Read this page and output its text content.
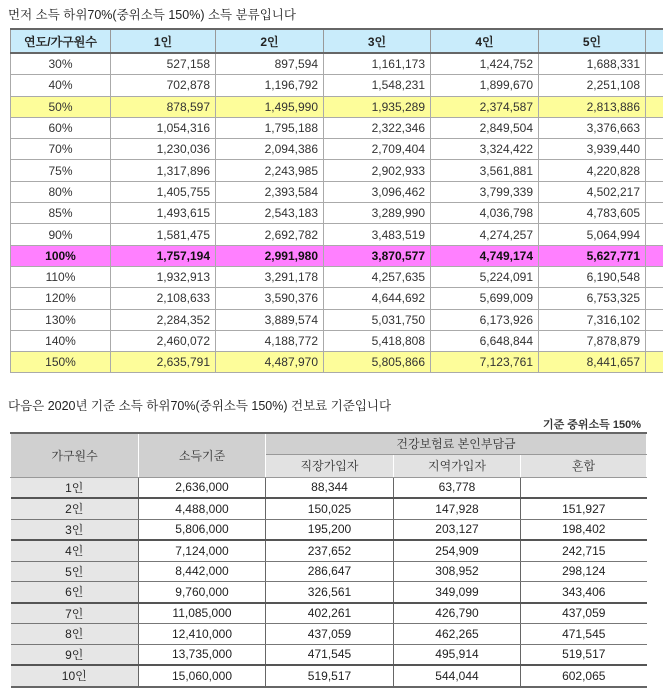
먼저 소득 하위70%(중위소득 150%) 소득 분류입니다
연도/가구원수	1인	2인	3인	4인	5인	
30%	527,158	897,594	1,161,173	1,424,752	1,688,331	
40%	702,878	1,196,792	1,548,231	1,899,670	2,251,108	
50%	878,597	1,495,990	1,935,289	2,374,587	2,813,886	
60%	1,054,316	1,795,188	2,322,346	2,849,504	3,376,663	
70%	1,230,036	2,094,386	2,709,404	3,324,422	3,939,440	
75%	1,317,896	2,243,985	2,902,933	3,561,881	4,220,828	
80%	1,405,755	2,393,584	3,096,462	3,799,339	4,502,217	
85%	1,493,615	2,543,183	3,289,990	4,036,798	4,783,605	
90%	1,581,475	2,692,782	3,483,519	4,274,257	5,064,994	
100%	1,757,194	2,991,980	3,870,577	4,749,174	5,627,771	
110%	1,932,913	3,291,178	4,257,635	5,224,091	6,190,548	
120%	2,108,633	3,590,376	4,644,692	5,699,009	6,753,325	
130%	2,284,352	3,889,574	5,031,750	6,173,926	7,316,102	
140%	2,460,072	4,188,772	5,418,808	6,648,844	7,878,879	
150%	2,635,791	4,487,970	5,805,866	7,123,761	8,441,657	
다음은 2020년 기준 소득 하위70%(중위소득 150%) 건보료 기준입니다
기준 중위소득 150%
가구원수	소득기준	건강보험료 본인부담금		
		직장가입자	지역가입자	혼합
1인	2,636,000	88,344	63,778	
2인	4,488,000	150,025	147,928	151,927
3인	5,806,000	195,200	203,127	198,402
4인	7,124,000	237,652	254,909	242,715
5인	8,442,000	286,647	308,952	298,124
6인	9,760,000	326,561	349,099	343,406
7인	11,085,000	402,261	426,790	437,059
8인	12,410,000	437,059	462,265	471,545
9인	13,735,000	471,545	495,914	519,517
10인	15,060,000	519,517	544,044	602,065
